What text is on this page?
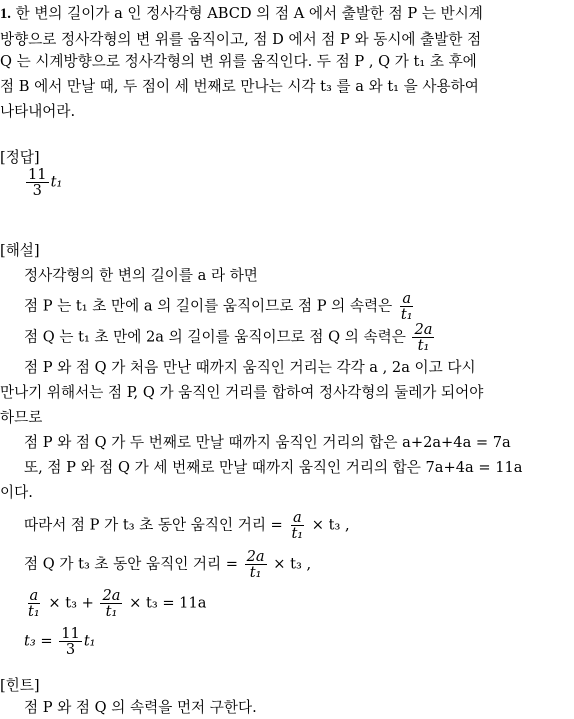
1. 한 변의 길이가 a 인 정사각형 ABCD 의 점 A 에서 출발한 점 P 는 반시계
방향으로 정사각형의 변 위를 움직이고, 점 D 에서 점 P 와 동시에 출발한 점
Q 는 시계방향으로 정사각형의 변 위를 움직인다. 두 점 P , Q 가 t₁ 초 후에
점 B 에서 만날 때, 두 점이 세 번째로 만나는 시각 t₃ 를 a 와 t₁ 을 사용하여
나타내어라.
[정답]
$\frac{11}{3} t_1$
[해설]
정사각형의 한 변의 길이를 a 라 하면
점 P 는 t₁ 초 만에 a 의 길이를 움직이므로 점 P 의 속력은 $\frac{a}{\text{t₁}}$
점 Q 는 t₁ 초 만에 2a 의 길이를 움직이므로 점 Q 의 속력은 $\frac{2a}{\text{t₁}}$
점 P 와 점 Q 가 처음 만난 때까지 움직인 거리는 각각 a , 2a 이고 다시
만나기 위해서는 점 P, Q 가 움직인 거리를 합하여 정사각형의 둘레가 되어야
하므로
점 P 와 점 Q 가 두 번째로 만날 때까지 움직인 거리의 합은 a+2a+4a = 7a
또, 점 P 와 점 Q 가 세 번째로 만날 때까지 움직인 거리의 합은 7a+4a = 11a
이다.
따라서 점 P 가 t₃ 초 동안 움직인 거리 = $\frac{a}{\text{t₁}} \times t_3$ ,
점 Q 가 t₃ 초 동안 움직인 거리 = $\frac{2a}{\text{t₁}} \times t_3$ ,
$\frac{a}{\text{t₁}} \times t_3 + \frac{2a}{\text{t₁}} \times t_3 = 11a$
$t_3 = \frac{11}{3} t_1$
[힌트]
점 P 와 점 Q 의 속력을 먼저 구한다.
